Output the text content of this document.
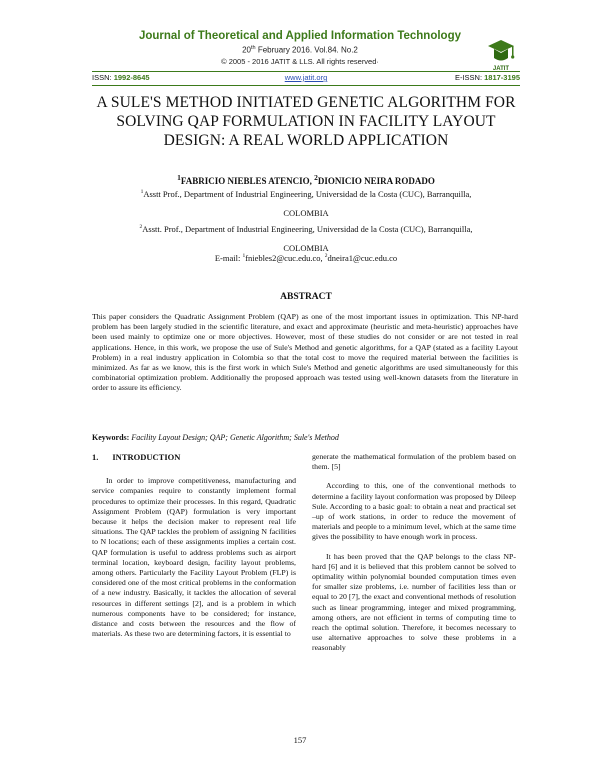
Journal of Theoretical and Applied Information Technology
20th February 2016. Vol.84. No.2
© 2005 - 2016 JATIT & LLS. All rights reserved·
JATIT
ISSN: 1992-8645	www.jatit.org	E-ISSN: 1817-3195
A SULE'S METHOD INITIATED GENETIC ALGORITHM FOR SOLVING QAP FORMULATION IN FACILITY LAYOUT DESIGN: A REAL WORLD APPLICATION
$^1$FABRICIO NIEBLES ATENCIO, $^2$DIONICIO NEIRA RODADO
$^1$Asstt Prof., Department of Industrial Engineering, Universidad de la Costa (CUC), Barranquilla,
COLOMBIA
$^2$Asstt. Prof., Department of Industrial Engineering, Universidad de la Costa (CUC), Barranquilla,
COLOMBIA
E-mail: $^1$fniebles2@cuc.edu.co, $^2$dneira1@cuc.edu.co
ABSTRACT
This paper considers the Quadratic Assignment Problem (QAP) as one of the most important issues in optimization. This NP-hard problem has been largely studied in the scientific literature, and exact and approximate (heuristic and meta-heuristic) approaches have been used mainly to optimize one or more objectives. However, most of these studies do not consider or are not tested in real applications. Hence, in this work, we propose the use of Sule's Method and genetic algorithms, for a QAP (stated as a facility Layout Problem) in a real industry application in Colombia so that the total cost to move the required material between the facilities is minimized. As far as we know, this is the first work in which Sule's Method and genetic algorithms are used simultaneously for this combinatorial optimization problem. Additionally the proposed approach was tested using well-known datasets from the literature in order to assure its efficiency.
Keywords: Facility Layout Design; QAP; Genetic Algorithm; Sule's Method
1. INTRODUCTION

In order to improve competitiveness, manufacturing and service companies require to constantly implement formal procedures to optimize their processes. In this regard, Quadratic Assignment Problem (QAP) formulation is very important because it helps the decision maker to represent real life situations. The QAP tackles the problem of assigning N facilities to N locations; each of these assignments implies a certain cost. QAP formulation is useful to address problems such as airport terminal location, keyboard design, facility layout problems, among others. Particularly the Facility Layout Problem (FLP) is considered one of the most critical problems in the conformation of a new industry. Basically, it tackles the allocation of several resources in different settings [2], and is a problem in which numerous components have to be considered; for instance, distance and costs between the resources and the flow of materials. As these two are determining factors, it is essential to

generate the mathematical formulation of the problem based on them. [5]

According to this, one of the conventional methods to determine a facility layout conformation was proposed by Dileep Sule. According to a basic goal: to obtain a neat and practical set –up of work stations, in order to reduce the movement of materials and people to a minimum level, which at the same time gives the possibility to have enough work in process.

It has been proved that the QAP belongs to the class NP-hard [6] and it is believed that this problem cannot be solved to optimality within polynomial bounded computation times even for smaller size problems, i.e. number of facilities less than or equal to 20 [7], the exact and conventional methods of resolution such as linear programming, integer and mixed programming, among others, are not efficient in terms of computing time to reach the optimal solution. Therefore, it becomes necessary to use alternative approaches to solve these problems in a reasonably

157
